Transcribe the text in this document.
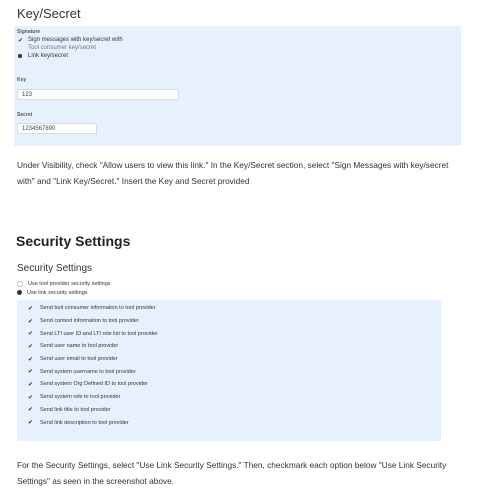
Key/Secret
Signature
✔ Sign messages with key/secret with
Tool consumer key/secret
Link key/secret
Key
123
Secret
1234567890
Under Visibility, check "Allow users to view this link." In the Key/Secret section, select "Sign Messages with key/secret with" and "Link Key/Secret." Insert the Key and Secret provided
Security Settings
Security Settings
Use tool provider security settings
Use link security settings
✔ Send tool consumer information to tool provider
✔ Send context information to tool provider
✔ Send LTI user ID and LTI role list to tool provider
✔ Send user name to tool provider
✔ Send user email to tool provider
✔ Send system username to tool provider
✔ Send system Org Defined ID to tool provider
✔ Send system role to tool provider
✔ Send link title to tool provider
✔ Send link description to tool provider
For the Security Settings, select "Use Link Security Settings." Then, checkmark each option below "Use Link Security Settings" as seen in the screenshot above.
